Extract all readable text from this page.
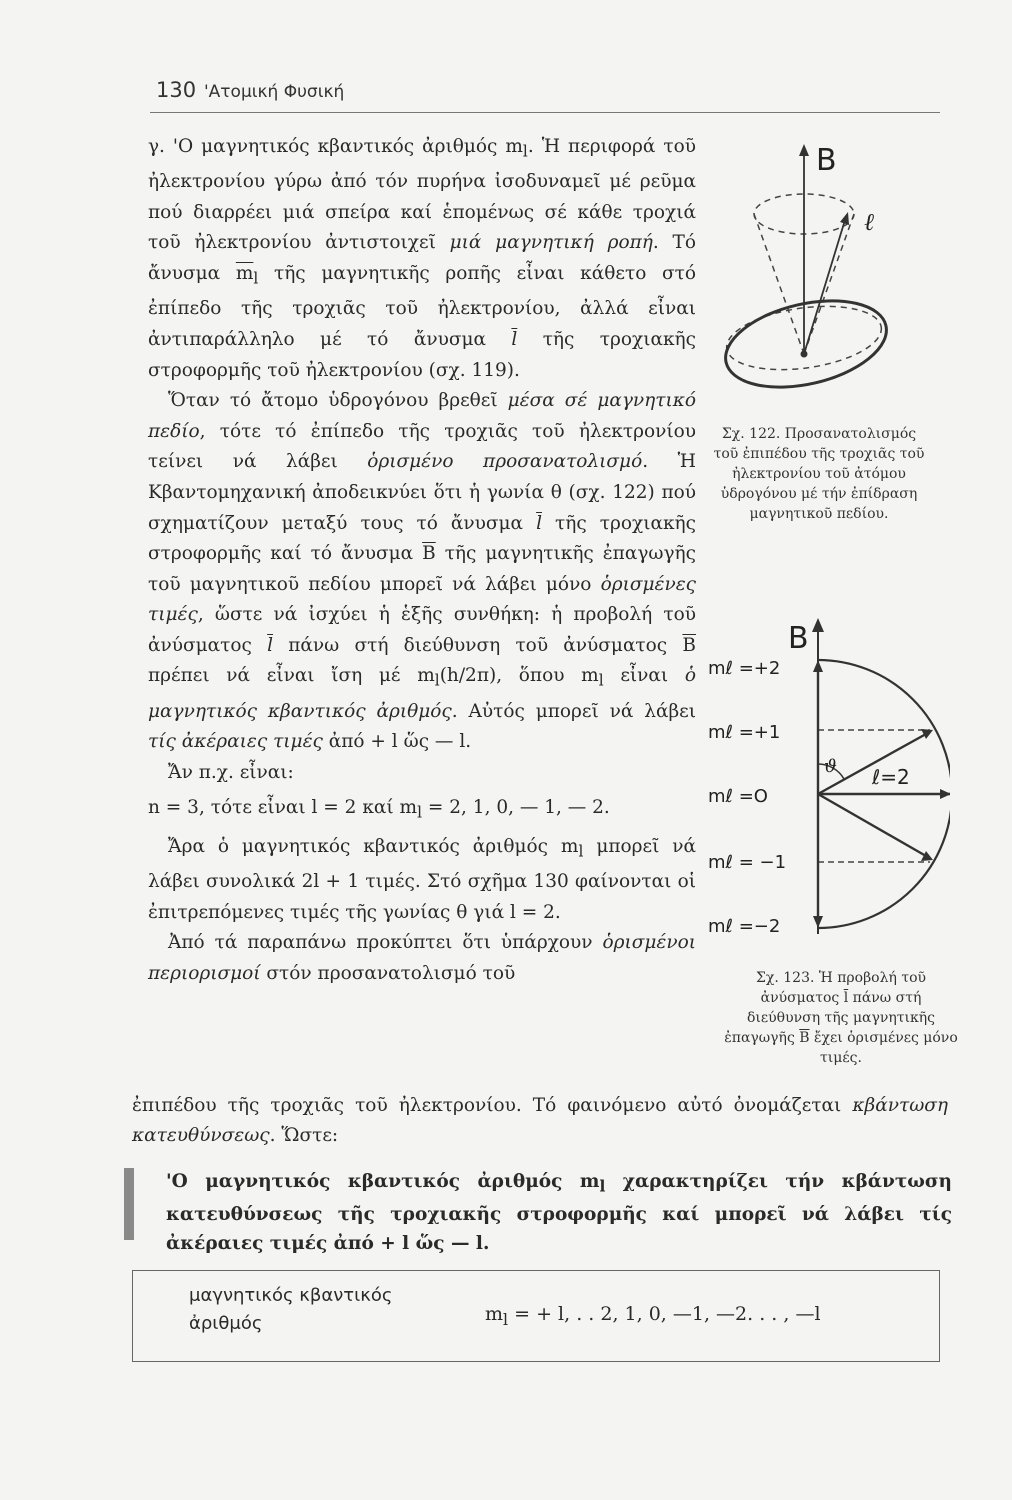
130 'Ατομική Φυσική

γ. 'Ο μαγνητικός κβαντικός ἀριθμός $m_l$. Ἡ περιφορά τοῦ ἠλεκτρονίου γύρω ἀπό τόν πυρήνα ἰσοδυναμεῖ μέ ρεῦμα πού διαρρέει μιά σπείρα καί ἑπομένως σέ κάθε τροχιά τοῦ ἠλεκτρονίου ἀντιστοιχεῖ μιά μαγνητική ροπή. Τό ἄνυσμα $\overline{m}_l$ τῆς μαγνητικῆς ροπῆς εἶναι κάθετο στό ἐπίπεδο τῆς τροχιᾶς τοῦ ἠλεκτρονίου, ἀλλά εἶναι ἀντιπαράλληλο μέ τό ἄνυσμα $\overline{l}$ τῆς τροχιακῆς στροφορμῆς τοῦ ἠλεκτρονίου (σχ. 119).

Ὅταν τό ἄτομο ὑδρογόνου βρεθεῖ μέσα σέ μαγνητικό πεδίο, τότε τό ἐπίπεδο τῆς τροχιᾶς τοῦ ἠλεκτρονίου τείνει νά λάβει ὁρισμένο προσανατολισμό. Ἡ Κβαντομηχανική ἀποδεικνύει ὅτι ἡ γωνία θ (σχ. 122) πού σχηματίζουν μεταξύ τους τό ἄνυσμα $\overline{l}$ τῆς τροχιακῆς στροφορμῆς καί τό ἄνυσμα $\overline{B}$ τῆς μαγνητικῆς ἐπαγωγῆς τοῦ μαγνητικοῦ πεδίου μπορεῖ νά λάβει μόνο ὁρισμένες τιμές, ὥστε νά ἰσχύει ἡ ἑξῆς συνθήκη: ἡ προβολή τοῦ ἀνύσματος $\overline{l}$ πάνω στή διεύθυνση τοῦ ἀνύσματος $\overline{B}$ πρέπει νά εἶναι ἴση μέ $m_l(h/2\pi)$, ὅπου $m_l$ εἶναι ὁ μαγνητικός κβαντικός ἀριθμός. Αὐτός μπορεῖ νά λάβει τίς ἀκέραιες τιμές ἀπό + l ὥς — l.

Ἄν π.χ. εἶναι:

n = 3, τότε εἶναι l = 2 καί $m_l = 2$, 1, 0, — 1, — 2.

Ἄρα ὁ μαγνητικός κβαντικός ἀριθμός $m_l$ μπορεῖ νά λάβει συνολικά 2l + 1 τιμές. Στό σχῆμα 130 φαίνονται οἱ ἐπιτρεπόμενες τιμές τῆς γωνίας θ γιά l = 2.

Ἀπό τά παραπάνω προκύπτει ὅτι ὑπάρχουν ὁρισμένοι περιορισμοί στόν προσανατολισμό τοῦ

ἐπιπέδου τῆς τροχιᾶς τοῦ ἠλεκτρονίου. Τό φαινόμενο αὐτό ὀνομάζεται κβάντωση κατευθύνσεως. Ὥστε:

B
ℓ
Σχ. 122. Προσανατολισμός τοῦ ἐπιπέδου τῆς τροχιᾶς τοῦ ἠλεκτρονίου τοῦ ἀτόμου ὑδρογόνου μέ τήν ἐπίδραση μαγνητικοῦ πεδίου.
B
ϑ ℓ=2
mℓ =+2
mℓ =+1
mℓ =O
mℓ = −1
mℓ =−2
Σχ. 123. Ἡ προβολή τοῦ ἀνύσματος $\overline{l}$ πάνω στή διεύθυνση τῆς μαγνητικῆς ἐπαγωγῆς $\overline{B}$ ἔχει ὁρισμένες μόνο τιμές.
'Ο μαγνητικός κβαντικός ἀριθμός $m_l$ χαρακτηρίζει τήν κβάντωση κατευθύνσεως τῆς τροχιακῆς στροφορμῆς καί μπορεῖ νά λάβει τίς ἀκέραιες τιμές ἀπό + l ὥς — l.
μαγνητικός κβαντικός
ἀριθμός	$m_l$ = + l, . . 2, 1, 0, —1, —2. . . , —l
